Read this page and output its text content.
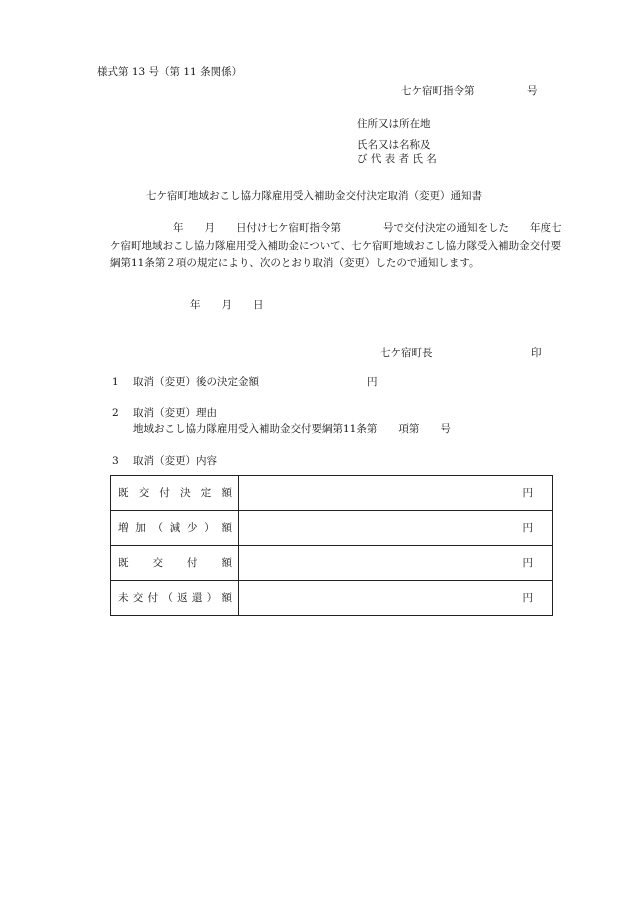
様式第 13 号（第 11 条関係）
七ケ宿町指令第　　　　　号
住所又は所在地
氏名又は名称及
び 代 表 者 氏 名
七ケ宿町地域おこし協力隊雇用受入補助金交付決定取消（変更）通知書
　　　　　　年　　月　　日付け七ケ宿町指令第　　　　号で交付決定の通知をした　　年度七ケ宿町地域おこし協力隊雇用受入補助金について、七ケ宿町地域おこし協力隊受入補助金交付要綱第11条第２項の規定により、次のとおり取消（変更）したので通知します。
年　　月　　日
七ケ宿町長	印
1 取消（変更）後の決定金額	円
2 取消（変更）理由
地域おこし協力隊雇用受入補助金交付要綱第11条第　　項第　　号
3 取消（変更）内容
既交付決定額	円
増加（減少）額	円
既交付額	円
未交付（返還）額	円
